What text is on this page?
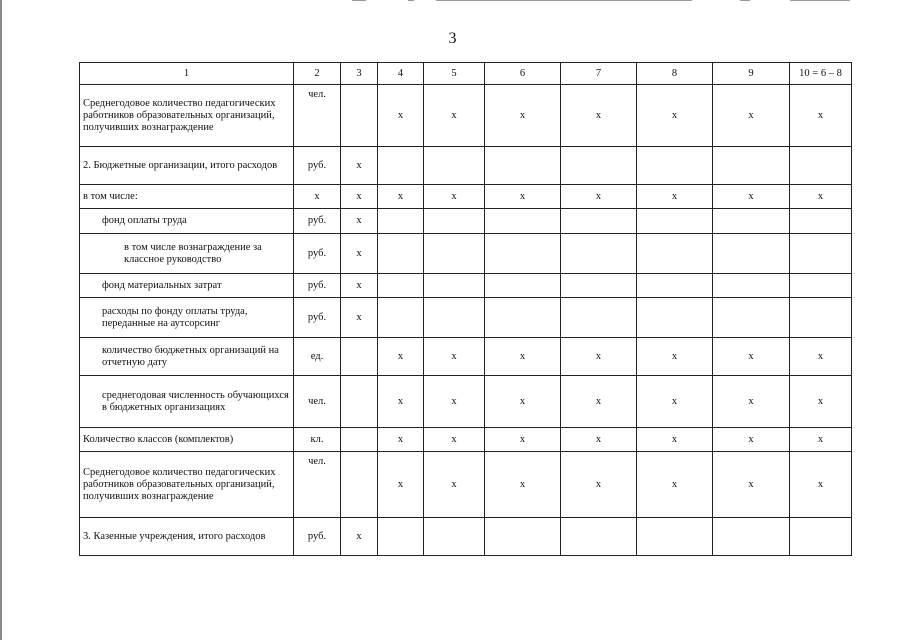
3
1	2	3	4	5	6	7	8	9	10 = 6 – 8
Среднегодовое количество педагогических работников образовательных организаций, получивших вознаграждение	чел.		x	x	x	x	x	x	x
2. Бюджетные организации, итого расходов	руб.	x							
в том числе:	x	x	x	x	x	x	x	x	x
фонд оплаты труда	руб.	x							
в том числе вознаграждение за классное руководство	руб.	x							
фонд материальных затрат	руб.	x							
расходы по фонду оплаты труда, переданные на аутсорсинг	руб.	x							
количество бюджетных организаций на отчетную дату	ед.		x	x	x	x	x	x	x
среднегодовая численность обучающихся в бюджетных организациях	чел.		x	x	x	x	x	x	x
Количество классов (комплектов)	кл.		x	x	x	x	x	x	x
Среднегодовое количество педагогических работников образовательных организаций, получивших вознаграждение	чел.		x	x	x	x	x	x	x
3. Казенные учреждения, итого расходов	руб.	x							
